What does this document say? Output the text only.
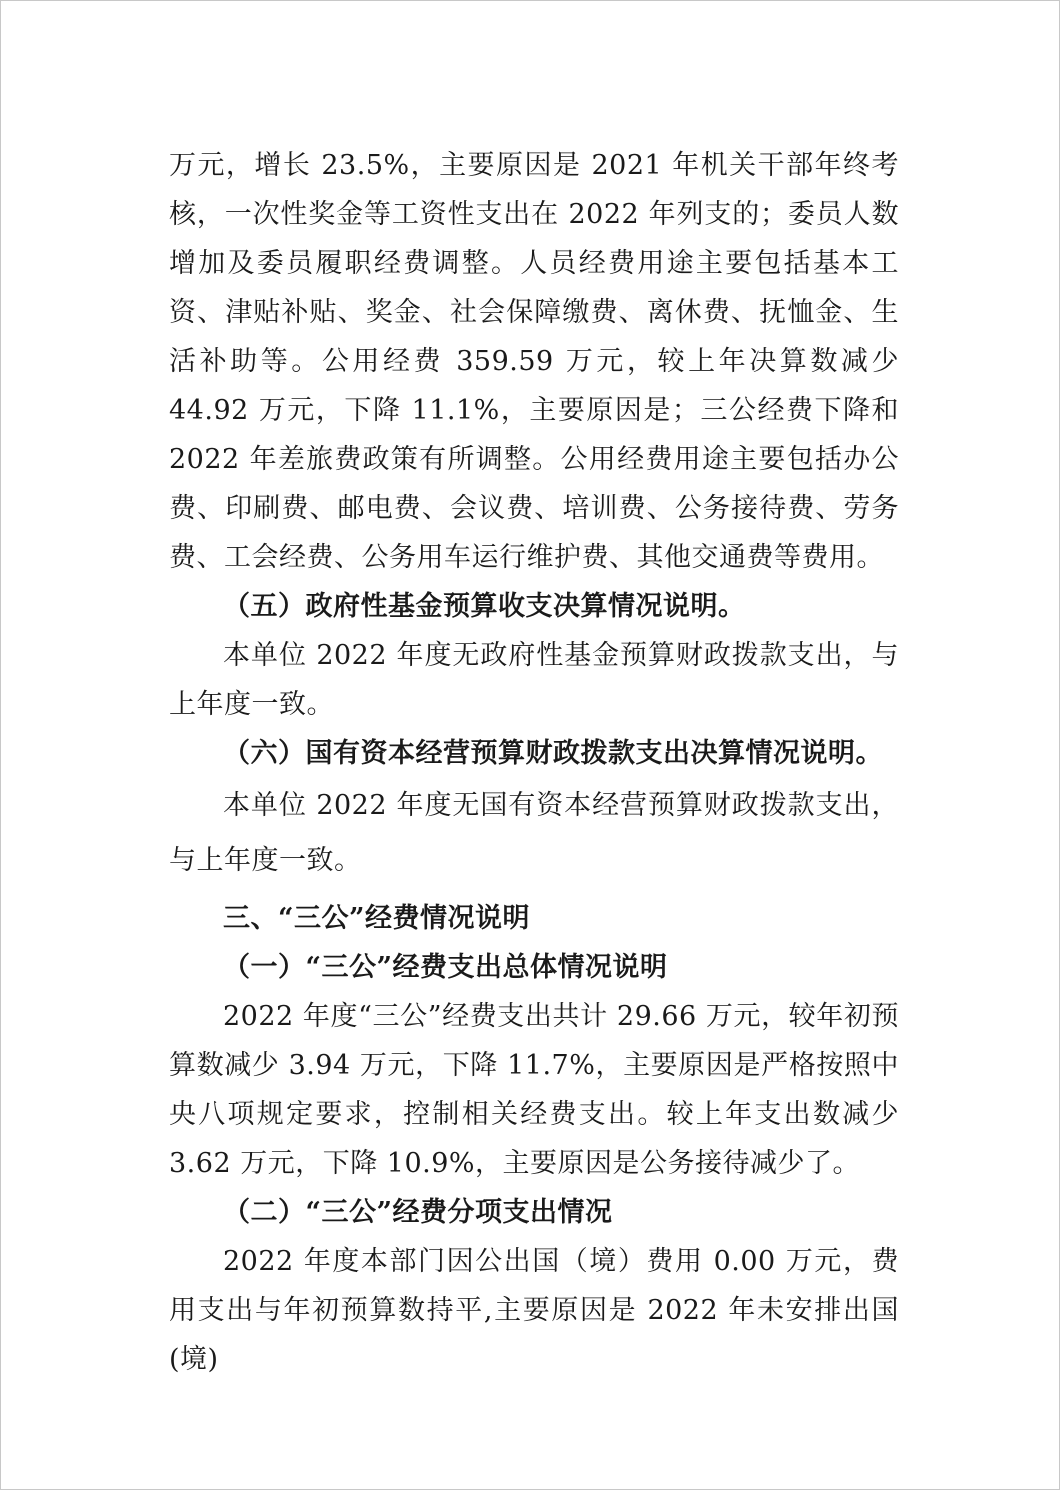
万元，增长 23.5%，主要原因是 2021 年机关干部年终考核，一次性奖金等工资性支出在 2022 年列支的；委员人数增加及委员履职经费调整。人员经费用途主要包括基本工资、津贴补贴、奖金、社会保障缴费、离休费、抚恤金、生活补助等。公用经费 359.59 万元，较上年决算数减少 44.92 万元，下降 11.1%，主要原因是；三公经费下降和 2022 年差旅费政策有所调整。公用经费用途主要包括办公费、印刷费、邮电费、会议费、培训费、公务接待费、劳务费、工会经费、公务用车运行维护费、其他交通费等费用。

（五）政府性基金预算收支决算情况说明。

本单位 2022 年度无政府性基金预算财政拨款支出，与上年度一致。

（六）国有资本经营预算财政拨款支出决算情况说明。

本单位 2022 年度无国有资本经营预算财政拨款支出，与上年度一致。

三、“三公”经费情况说明

（一）“三公”经费支出总体情况说明

2022 年度“三公”经费支出共计 29.66 万元，较年初预算数减少 3.94 万元，下降 11.7%，主要原因是严格按照中央八项规定要求，控制相关经费支出。较上年支出数减少 3.62 万元，下降 10.9%，主要原因是公务接待减少了。

（二）“三公”经费分项支出情况

2022 年度本部门因公出国（境）费用 0.00 万元，费用支出与年初预算数持平,主要原因是 2022 年未安排出国(境)
